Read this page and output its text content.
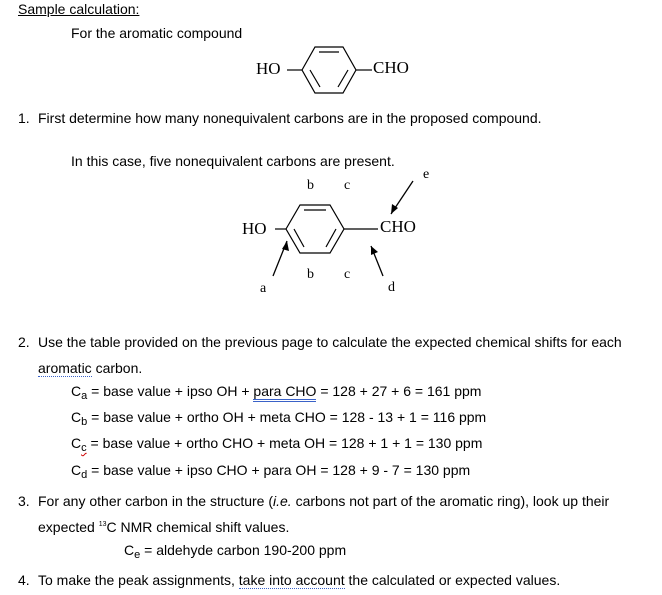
Sample calculation:
For the aromatic compound
HO	CHO
1. First determine how many nonequivalent carbons are in the proposed compound.
In this case, five nonequivalent carbons are present.
b c
e
HO	CHO
b c
a	d
2. Use the table provided on the previous page to calculate the expected chemical shifts for each
aromatic carbon.
$C_a$ = base value + ipso OH + para CHO = 128 + 27 + 6 = 161 ppm
$C_b$ = base value + ortho OH + meta CHO = 128 - 13 + 1 = 116 ppm
$C_c$ = base value + ortho CHO + meta OH = 128 + 1 + 1 = 130 ppm
$C_d$ = base value + ipso CHO + para OH = 128 + 9 - 7 = 130 ppm
3. For any other carbon in the structure (i.e. carbons not part of the aromatic ring), look up their
expected $^{13}$C NMR chemical shift values.
$C_e$ = aldehyde carbon 190-200 ppm
4. To make the peak assignments, take into account the calculated or expected values.
